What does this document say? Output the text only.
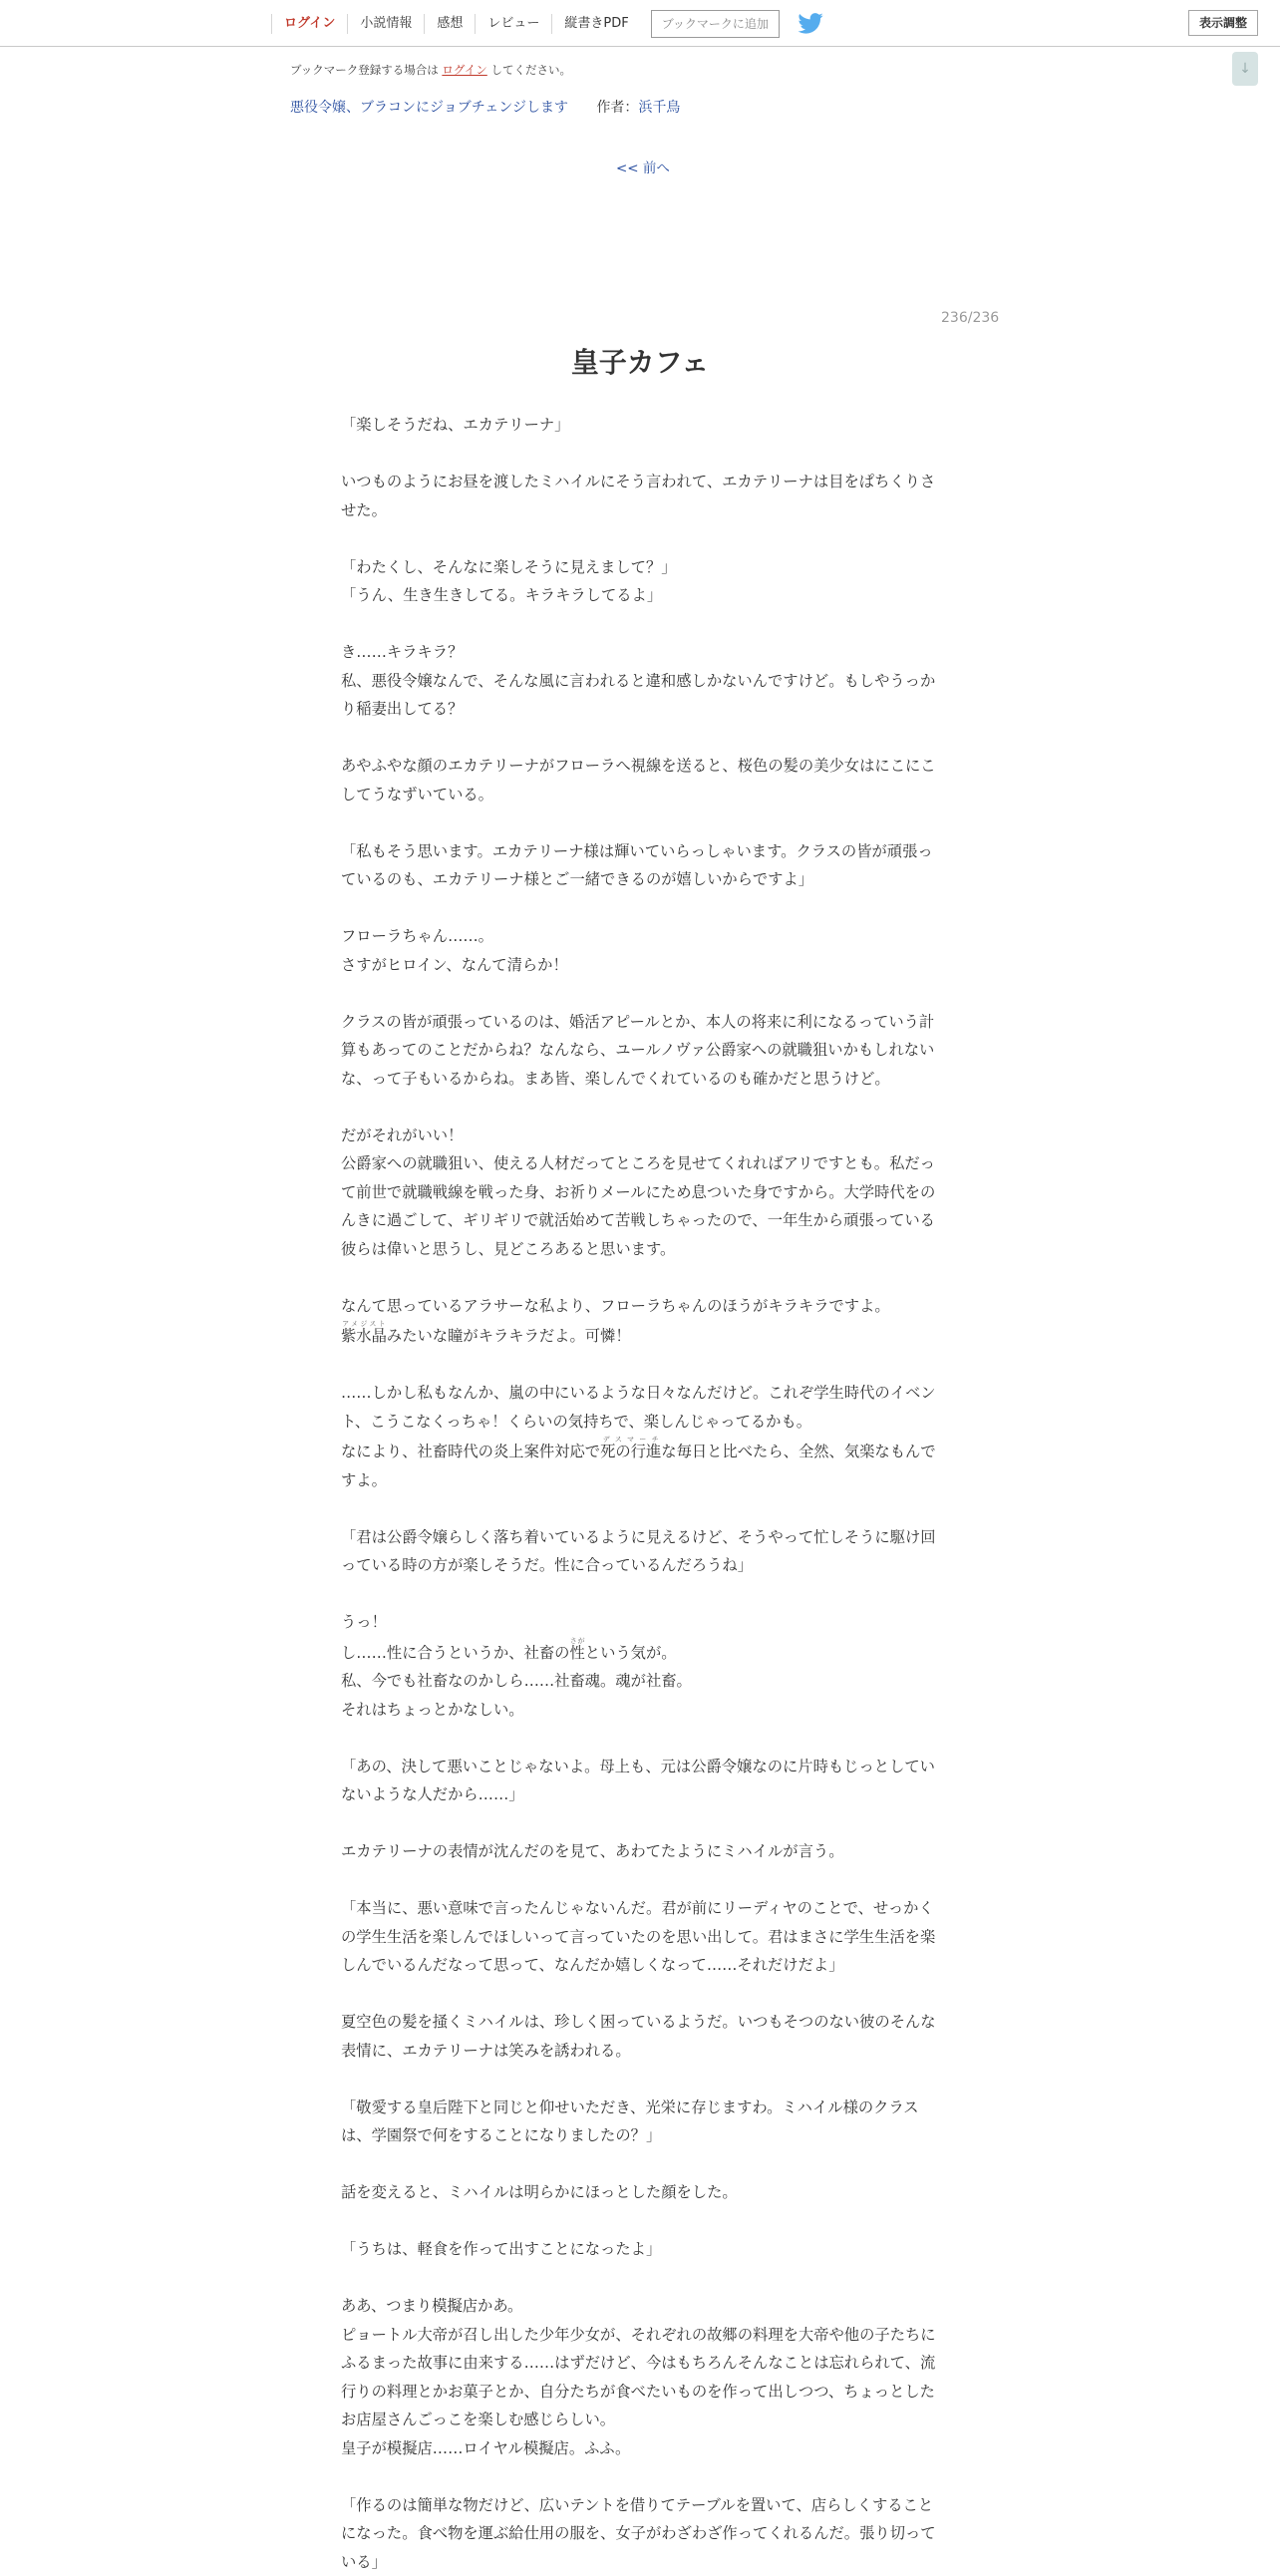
ログイン	小説情報	感想	レビュー	縦書きPDF	ブックマークに追加	表示調整
↓
ブックマーク登録する場合は ログイン してください。
悪役令嬢、ブラコンにジョブチェンジします 作者：浜千鳥
<< 前へ
236/236
皇子カフェ

「楽しそうだね、エカテリーナ」

いつものようにお昼を渡したミハイルにそう言われて、エカテリーナは目をぱちくりさせた。

「わたくし、そんなに楽しそうに見えまして？」

「うん、生き生きしてる。キラキラしてるよ」

き……キラキラ？

私、悪役令嬢なんで、そんな風に言われると違和感しかないんですけど。もしやうっかり稲妻出してる？

あやふやな顔のエカテリーナがフローラへ視線を送ると、桜色の髪の美少女はにこにこしてうなずいている。

「私もそう思います。エカテリーナ様は輝いていらっしゃいます。クラスの皆が頑張っているのも、エカテリーナ様とご一緒できるのが嬉しいからですよ」

フローラちゃん……。

さすがヒロイン、なんて清らか！

クラスの皆が頑張っているのは、婚活アピールとか、本人の将来に利になるっていう計算もあってのことだからね？なんなら、ユールノヴァ公爵家への就職狙いかもしれないな、って子もいるからね。まあ皆、楽しんでくれているのも確かだと思うけど。

だがそれがいい！

公爵家への就職狙い、使える人材だってところを見せてくれればアリですとも。私だって前世で就職戦線を戦った身、お祈りメールにため息ついた身ですから。大学時代をのんきに過ごして、ギリギリで就活始めて苦戦しちゃったので、一年生から頑張っている彼らは偉いと思うし、見どころあると思います。

なんて思っているアラサーな私より、フローラちゃんのほうがキラキラですよ。

紫水晶アメジストみたいな瞳がキラキラだよ。可憐！

……しかし私もなんか、嵐の中にいるような日々なんだけど。これぞ学生時代のイベント、こうこなくっちゃ！くらいの気持ちで、楽しんじゃってるかも。

なにより、社畜時代の炎上案件対応で死の行進デスマーチな毎日と比べたら、全然、気楽なもんですよ。

「君は公爵令嬢らしく落ち着いているように見えるけど、そうやって忙しそうに駆け回っている時の方が楽しそうだ。性に合っているんだろうね」

うっ！

し……性に合うというか、社畜の性さがという気が。

私、今でも社畜なのかしら……社畜魂。魂が社畜。

それはちょっとかなしい。

「あの、決して悪いことじゃないよ。母上も、元は公爵令嬢なのに片時もじっとしていないような人だから……」

エカテリーナの表情が沈んだのを見て、あわてたようにミハイルが言う。

「本当に、悪い意味で言ったんじゃないんだ。君が前にリーディヤのことで、せっかくの学生生活を楽しんでほしいって言っていたのを思い出して。君はまさに学生生活を楽しんでいるんだなって思って、なんだか嬉しくなって……それだけだよ」

夏空色の髪を掻くミハイルは、珍しく困っているようだ。いつもそつのない彼のそんな表情に、エカテリーナは笑みを誘われる。

「敬愛する皇后陛下と同じと仰せいただき、光栄に存じますわ。ミハイル様のクラスは、学園祭で何をすることになりましたの？」

話を変えると、ミハイルは明らかにほっとした顔をした。

「うちは、軽食を作って出すことになったよ」

ああ、つまり模擬店かあ。

ピョートル大帝が召し出した少年少女が、それぞれの故郷の料理を大帝や他の子たちにふるまった故事に由来する……はずだけど、今はもちろんそんなことは忘れられて、流行りの料理とかお菓子とか、自分たちが食べたいものを作って出しつつ、ちょっとしたお店屋さんごっこを楽しむ感じらしい。

皇子が模擬店……ロイヤル模擬店。ふふ。

「作るのは簡単な物だけど、広いテントを借りてテーブルを置いて、店らしくすることになった。食べ物を運ぶ給仕用の服を、女子がわざわざ作ってくれるんだ。張り切っている」
